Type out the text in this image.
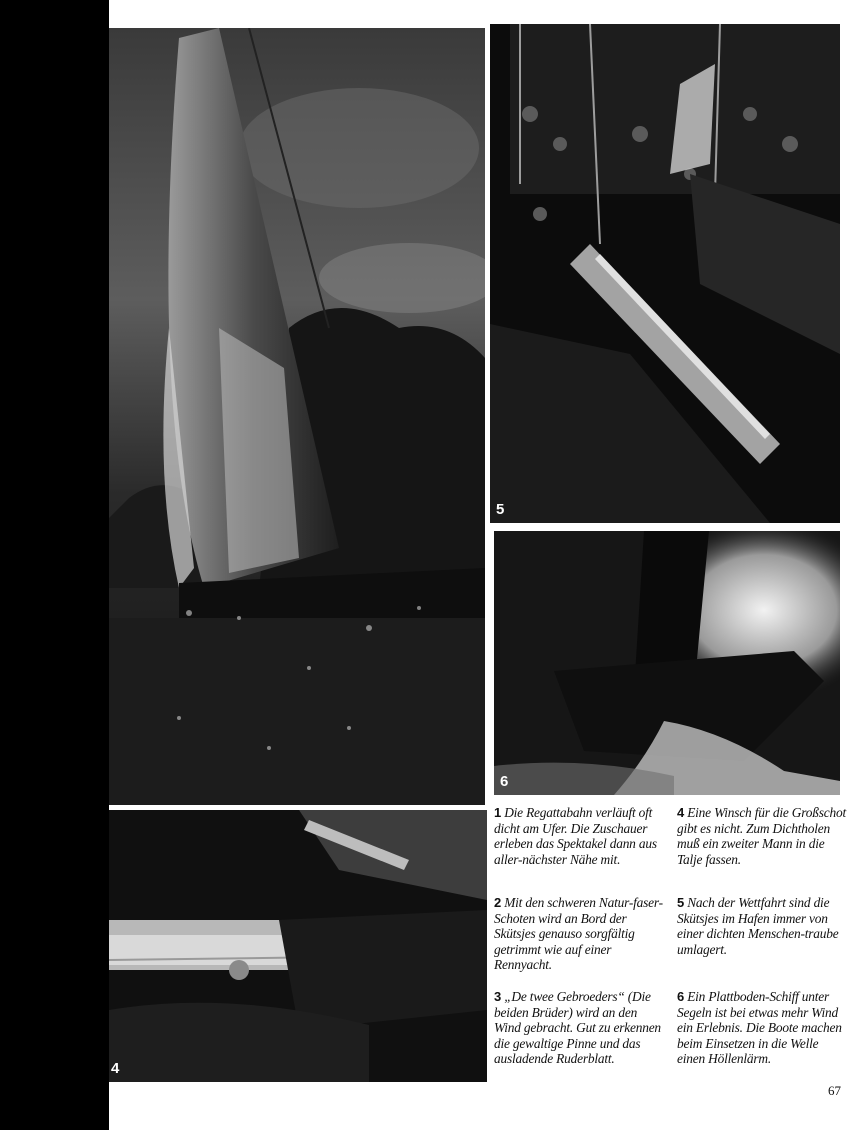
5
6
4
1 Die Regattabahn verläuft oft dicht am Ufer. Die Zuschauer erleben das Spektakel dann aus aller-nächster Nähe mit.
2 Mit den schweren Natur-faser-Schoten wird an Bord der Skütsjes genauso sorgfältig getrimmt wie auf einer Rennyacht.
3 „De twee Gebroeders“ (Die beiden Brüder) wird an den Wind gebracht. Gut zu erkennen die gewaltige Pinne und das ausladende Ruderblatt.
4 Eine Winsch für die Großschot gibt es nicht. Zum Dichtholen muß ein zweiter Mann in die Talje fassen.
5 Nach der Wettfahrt sind die Skütsjes im Hafen immer von einer dichten Menschen-traube umlagert.
6 Ein Plattboden-Schiff unter Segeln ist bei etwas mehr Wind ein Erlebnis. Die Boote machen beim Einsetzen in die Welle einen Höllenlärm.
67
